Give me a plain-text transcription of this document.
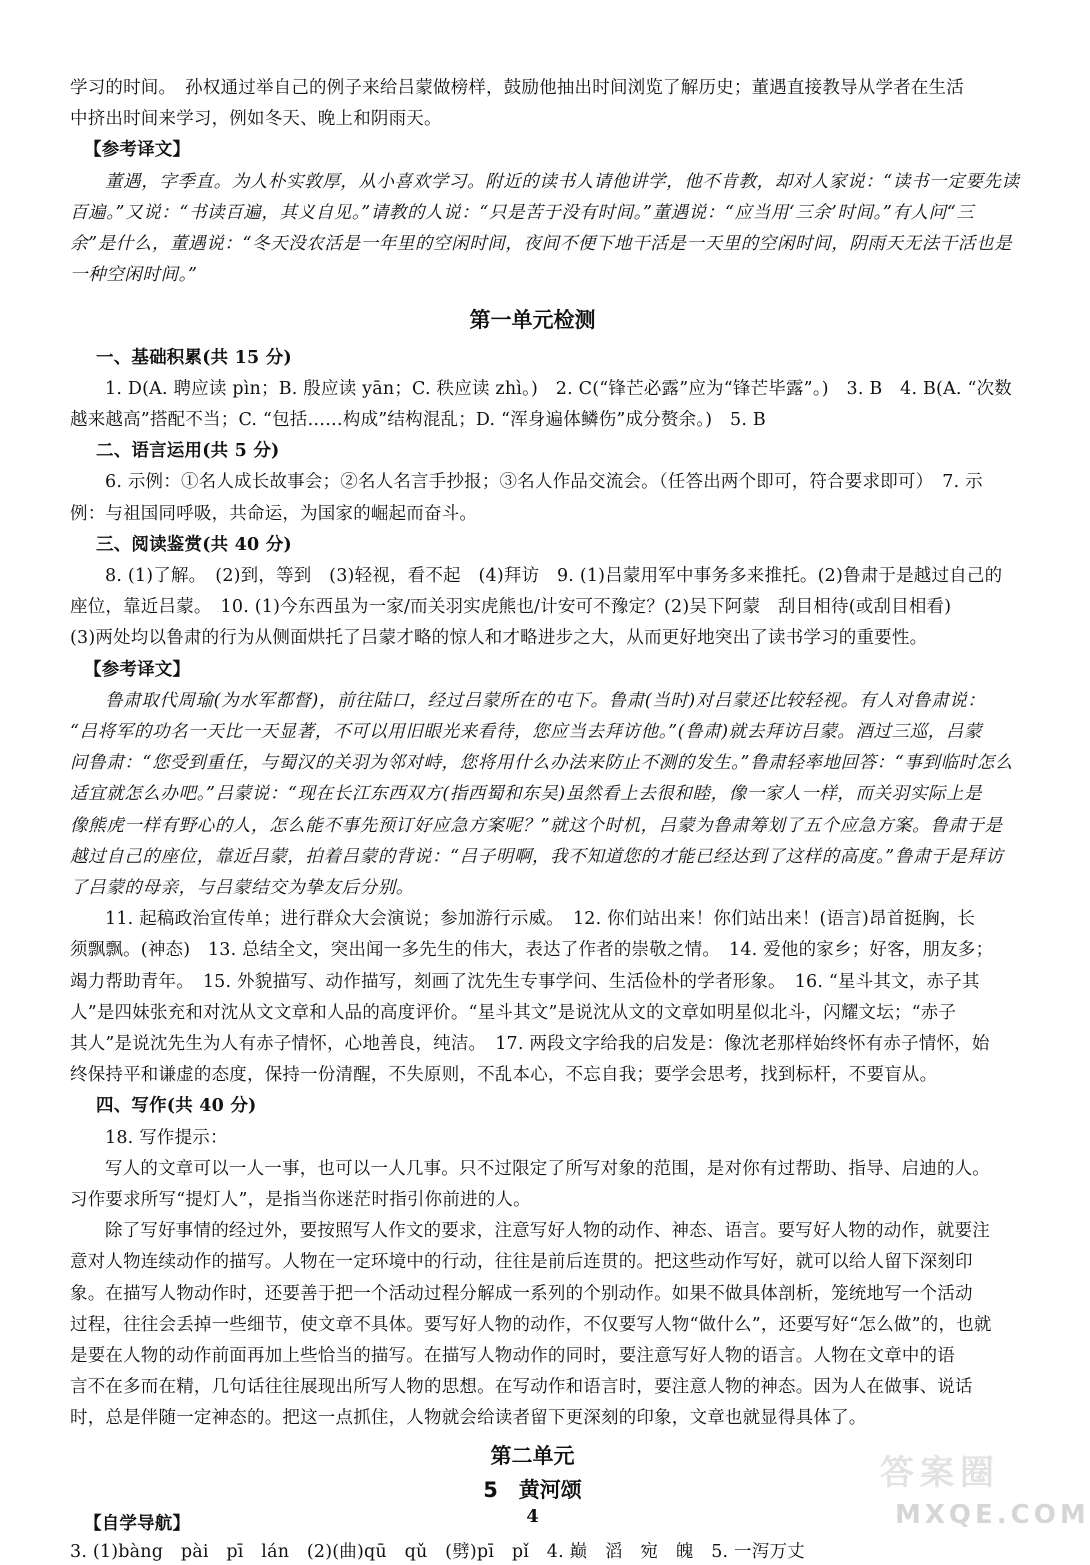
学习的时间。　孙权通过举自己的例子来给吕蒙做榜样，鼓励他抽出时间浏览了解历史；董遇直接教导从学者在生活
中挤出时间来学习，例如冬天、晚上和阴雨天。
【参考译文】
董遇，字季直。为人朴实敦厚，从小喜欢学习。附近的读书人请他讲学，他不肯教，却对人家说：“读书一定要先读
百遍。”又说：“书读百遍，其义自见。”请教的人说：“只是苦于没有时间。”董遇说：“应当用‘三余’时间。”有人问“三
余”是什么，董遇说：“冬天没农活是一年里的空闲时间，夜间不便下地干活是一天里的空闲时间，阴雨天无法干活也是
一种空闲时间。”
第一单元检测
一、基础积累(共 15 分)
1. D(A. 聘应读 pìn；B. 殷应读 yān；C. 秩应读 zhì。)　2. C(“锋芒必露”应为“锋芒毕露”。)　3. B　4. B(A. “次数
越来越高”搭配不当；C. “包括……构成”结构混乱；D. “浑身遍体鳞伤”成分赘余。)　5. B
二、语言运用(共 5 分)
6. 示例：①名人成长故事会；②名人名言手抄报；③名人作品交流会。（任答出两个即可，符合要求即可）　7. 示
例：与祖国同呼吸，共命运，为国家的崛起而奋斗。
三、阅读鉴赏(共 40 分)
8. (1)了解。　(2)到，等到　(3)轻视，看不起　(4)拜访　9. (1)吕蒙用军中事务多来推托。(2)鲁肃于是越过自己的
座位，靠近吕蒙。　10. (1)今东西虽为一家/而关羽实虎熊也/计安可不豫定？(2)吴下阿蒙　刮目相待(或刮目相看)
(3)两处均以鲁肃的行为从侧面烘托了吕蒙才略的惊人和才略进步之大，从而更好地突出了读书学习的重要性。
【参考译文】
鲁肃取代周瑜(为水军都督)，前往陆口，经过吕蒙所在的屯下。鲁肃(当时)对吕蒙还比较轻视。有人对鲁肃说：
“吕将军的功名一天比一天显著，不可以用旧眼光来看待，您应当去拜访他。”(鲁肃)就去拜访吕蒙。酒过三巡，吕蒙
问鲁肃：“您受到重任，与蜀汉的关羽为邻对峙，您将用什么办法来防止不测的发生。”鲁肃轻率地回答：“事到临时怎么
适宜就怎么办吧。”吕蒙说：“现在长江东西双方(指西蜀和东吴)虽然看上去很和睦，像一家人一样，而关羽实际上是
像熊虎一样有野心的人，怎么能不事先预订好应急方案呢？”就这个时机，吕蒙为鲁肃筹划了五个应急方案。鲁肃于是
越过自己的座位，靠近吕蒙，拍着吕蒙的背说：“吕子明啊，我不知道您的才能已经达到了这样的高度。”鲁肃于是拜访
了吕蒙的母亲，与吕蒙结交为挚友后分别。
11. 起稿政治宣传单；进行群众大会演说；参加游行示威。　12. 你们站出来！你们站出来！(语言)昂首挺胸，长
须飘飘。(神态)　13. 总结全文，突出闻一多先生的伟大，表达了作者的崇敬之情。　14. 爱他的家乡；好客，朋友多；
竭力帮助青年。　15. 外貌描写、动作描写，刻画了沈先生专事学问、生活俭朴的学者形象。　16. “星斗其文，赤子其
人”是四妹张充和对沈从文文章和人品的高度评价。“星斗其文”是说沈从文的文章如明星似北斗，闪耀文坛；“赤子
其人”是说沈先生为人有赤子情怀，心地善良，纯洁。　17. 两段文字给我的启发是：像沈老那样始终怀有赤子情怀，始
终保持平和谦虚的态度，保持一份清醒，不失原则，不乱本心，不忘自我；要学会思考，找到标杆，不要盲从。
四、写作(共 40 分)
18. 写作提示：
写人的文章可以一人一事，也可以一人几事。只不过限定了所写对象的范围，是对你有过帮助、指导、启迪的人。
习作要求所写“提灯人”，是指当你迷茫时指引你前进的人。
除了写好事情的经过外，要按照写人作文的要求，注意写好人物的动作、神态、语言。要写好人物的动作，就要注
意对人物连续动作的描写。人物在一定环境中的行动，往往是前后连贯的。把这些动作写好，就可以给人留下深刻印
象。在描写人物动作时，还要善于把一个活动过程分解成一系列的个别动作。如果不做具体剖析，笼统地写一个活动
过程，往往会丢掉一些细节，使文章不具体。要写好人物的动作，不仅要写人物“做什么”，还要写好“怎么做”的，也就
是要在人物的动作前面再加上些恰当的描写。在描写人物动作的同时，要注意写好人物的语言。人物在文章中的语
言不在多而在精，几句话往往展现出所写人物的思想。在写动作和语言时，要注意人物的神态。因为人在做事、说话
时，总是伴随一定神态的。把这一点抓住，人物就会给读者留下更深刻的印象，文章也就显得具体了。
第二单元
5　黄河颂
【自学导航】
3. (1)bàng　pài　pī　lán　(2)(曲)qū　qǔ　(劈)pī　pǐ　4. 巅　滔　宛　魄　5. 一泻万丈
4
答案圈
MXQE.COM
